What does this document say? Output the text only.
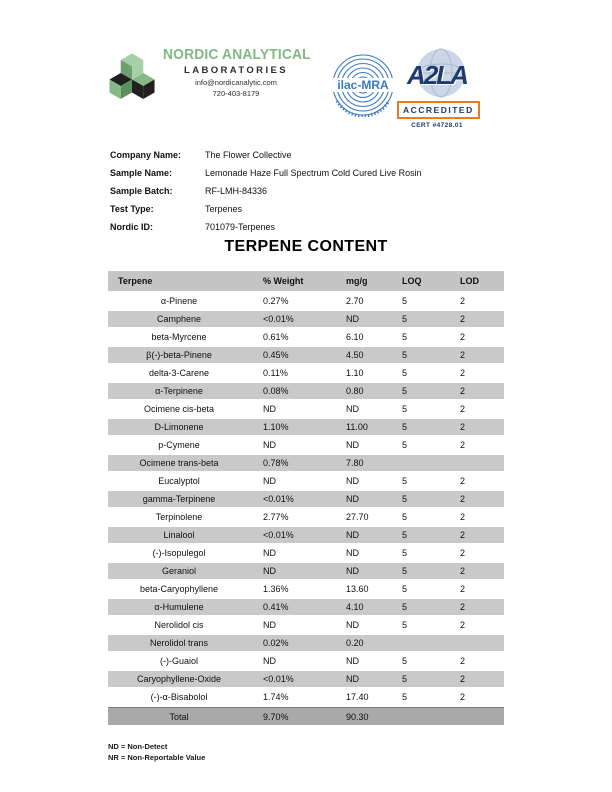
NORDIC ANALYTICAL
LABORATORIES
info@nordicanalytic.com
720-403-8179
ilac-MRA A2LA
ACCREDITED
CERT #4728.01
Company Name:	The Flower Collective
Sample Name:	Lemonade Haze Full Spectrum Cold Cured Live Rosin
Sample Batch:	RF-LMH-84336
Test Type:	Terpenes
Nordic ID:	701079-Terpenes
TERPENE CONTENT
Terpene	% Weight	mg/g	LOQ	LOD
α-Pinene	0.27%	2.70	5	2
Camphene	<0.01%	ND	5	2
beta-Myrcene	0.61%	6.10	5	2
β(-)-beta-Pinene	0.45%	4.50	5	2
delta-3-Carene	0.11%	1.10	5	2
α-Terpinene	0.08%	0.80	5	2
Ocimene cis-beta	ND	ND	5	2
D-Limonene	1.10%	11.00	5	2
p-Cymene	ND	ND	5	2
Ocimene trans-beta	0.78%	7.80		
Eucalyptol	ND	ND	5	2
gamma-Terpinene	<0.01%	ND	5	2
Terpinolene	2.77%	27.70	5	2
Linalool	<0.01%	ND	5	2
(-)-Isopulegol	ND	ND	5	2
Geraniol	ND	ND	5	2
beta-Caryophyllene	1.36%	13.60	5	2
α-Humulene	0.41%	4.10	5	2
Nerolidol cis	ND	ND	5	2
Nerolidol trans	0.02%	0.20		
(-)-Guaiol	ND	ND	5	2
Caryophyllene-Oxide	<0.01%	ND	5	2
(-)-α-Bisabolol	1.74%	17.40	5	2
Total	9.70%	90.30		
ND = Non-Detect
NR = Non-Reportable Value
